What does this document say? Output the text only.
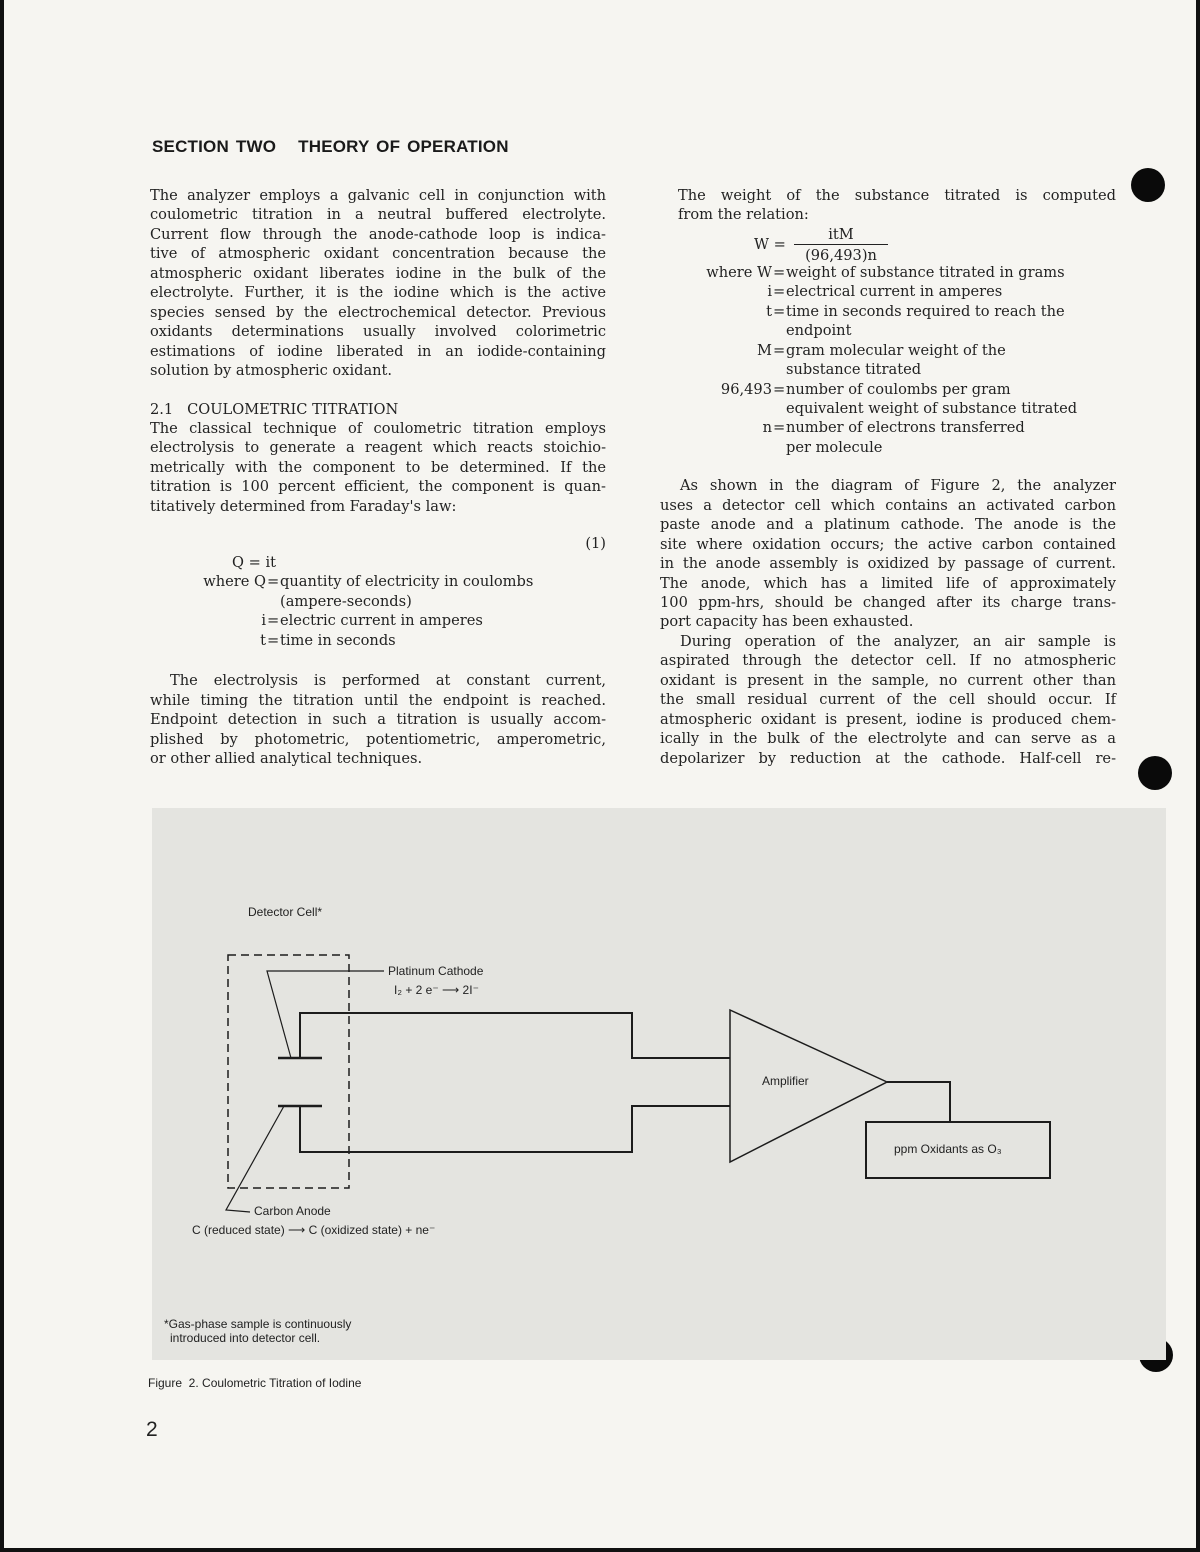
SECTION TWO THEORY OF OPERATION
The analyzer employs a galvanic cell in conjunction with
coulometric titration in a neutral buffered electrolyte.
Current flow through the anode-cathode loop is indica-
tive of atmospheric oxidant concentration because the
atmospheric oxidant liberates iodine in the bulk of the
electrolyte. Further, it is the iodine which is the active
species sensed by the electrochemical detector. Previous
oxidants determinations usually involved colorimetric
estimations of iodine liberated in an iodide-containing
solution by atmospheric oxidant.
2.1   COULOMETRIC TITRATION
The classical technique of coulometric titration employs
electrolysis to generate a reagent which reacts stoichio-
metrically with the component to be determined. If the
titration is 100 percent efficient, the component is quan-
titatively determined from Faraday's law:
(1)
Q = it
where Q = quantity of electricity in coulombs
(ampere-seconds)
i = electric current in amperes
t = time in seconds
The electrolysis is performed at constant current,
while timing the titration until the endpoint is reached.
Endpoint detection in such a titration is usually accom-
plished by photometric, potentiometric, amperometric,
or other allied analytical techniques.
The weight of the substance titrated is computed
from the relation:
W =
itM
(96,493)n
where W = weight of substance titrated in grams
i = electrical current in amperes
t = time in seconds required to reach the
endpoint
M = gram molecular weight of the
substance titrated
96,493 = number of coulombs per gram
equivalent weight of substance titrated
n = number of electrons transferred
per molecule
As shown in the diagram of Figure 2, the analyzer
uses a detector cell which contains an activated carbon
paste anode and a platinum cathode. The anode is the
site where oxidation occurs; the active carbon contained
in the anode assembly is oxidized by passage of current.
The anode, which has a limited life of approximately
100 ppm-hrs, should be changed after its charge trans-
port capacity has been exhausted.
During operation of the analyzer, an air sample is
aspirated through the detector cell. If no atmospheric
oxidant is present in the sample, no current other than
the small residual current of the cell should occur. If
atmospheric oxidant is present, iodine is produced chem-
ically in the bulk of the electrolyte and can serve as a
depolarizer by reduction at the cathode. Half-cell re-
Detector Cell*
Platinum Cathode
I₂ + 2 e⁻ ⟶ 2I⁻
Amplifier
ppm Oxidants as O₃
Carbon Anode
C (reduced state) ⟶ C (oxidized state) + ne⁻
*Gas-phase sample is continuously
introduced into detector cell.
Figure  2. Coulometric Titration of Iodine
2
